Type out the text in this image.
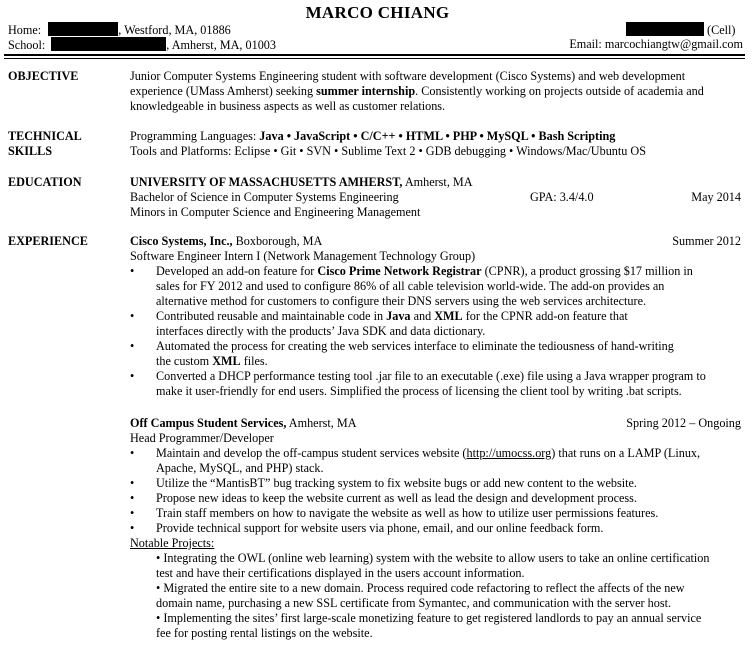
MARCO CHIANG
Home:	, Westford, MA, 01886	(Cell)
School:	, Amherst, MA, 01003	Email: marcochiangtw@gmail.com
OBJECTIVE	Junior Computer Systems Engineering student with software development (Cisco Systems) and web development
experience (UMass Amherst) seeking summer internship. Consistently working on projects outside of academia and
knowledgeable in business aspects as well as customer relations.
TECHNICAL
SKILLS
Programming Languages: Java • JavaScript • C/C++ • HTML • PHP • MySQL • Bash Scripting
Tools and Platforms: Eclipse • Git • SVN • Sublime Text 2 • GDB debugging • Windows/Mac/Ubuntu OS
EDUCATION	UNIVERSITY OF MASSACHUSETTS AMHERST, Amherst, MA
Bachelor of Science in Computer Systems Engineering	GPA: 3.4/4.0	May 2014
Minors in Computer Science and Engineering Management
EXPERIENCE	Cisco Systems, Inc., Boxborough, MA	Summer 2012
Software Engineer Intern I (Network Management Technology Group)
• Developed an add-on feature for Cisco Prime Network Registrar (CPNR), a product grossing $17 million in
sales for FY 2012 and used to configure 86% of all cable television world-wide. The add-on provides an
alternative method for customers to configure their DNS servers using the web services architecture.
• Contributed reusable and maintainable code in Java and XML for the CPNR add-on feature that
interfaces directly with the products’ Java SDK and data dictionary.
• Automated the process for creating the web services interface to eliminate the tediousness of hand-writing
the custom XML files.
• Converted a DHCP performance testing tool .jar file to an executable (.exe) file using a Java wrapper program to
make it user-friendly for end users. Simplified the process of licensing the client tool by writing .bat scripts.
Off Campus Student Services, Amherst, MA	Spring 2012 – Ongoing
Head Programmer/Developer
• Maintain and develop the off-campus student services website (http://umocss.org) that runs on a LAMP (Linux,
Apache, MySQL, and PHP) stack.
• Utilize the “MantisBT” bug tracking system to fix website bugs or add new content to the website.
• Propose new ideas to keep the website current as well as lead the design and development process.
• Train staff members on how to navigate the website as well as how to utilize user permissions features.
• Provide technical support for website users via phone, email, and our online feedback form.
Notable Projects:
• Integrating the OWL (online web learning) system with the website to allow users to take an online certification
test and have their certifications displayed in the users account information.
• Migrated the entire site to a new domain. Process required code refactoring to reflect the affects of the new
domain name, purchasing a new SSL certificate from Symantec, and communication with the server host.
• Implementing the sites’ first large-scale monetizing feature to get registered landlords to pay an annual service
fee for posting rental listings on the website.
